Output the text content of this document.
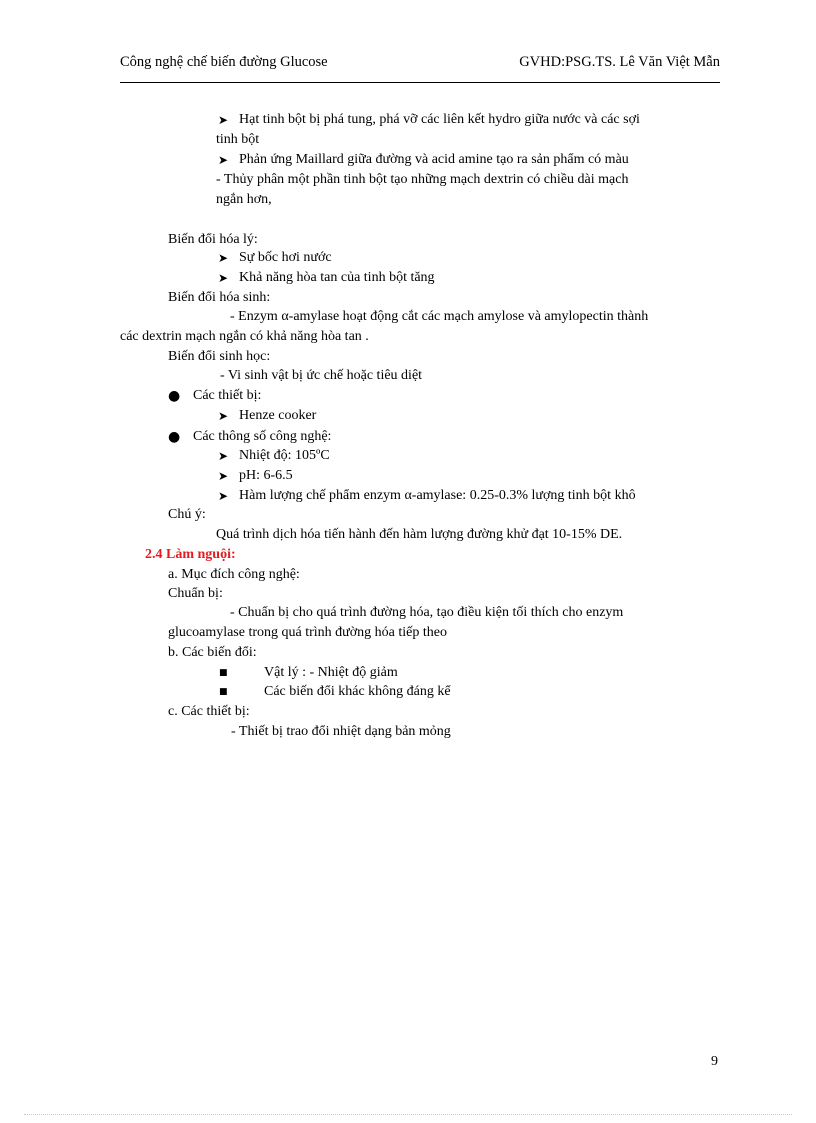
Công nghệ chế biến đường Glucose	GVHD:PSG.TS. Lê Văn Việt Mẫn
➤ Hạt tinh bột bị phá tung, phá vỡ các liên kết hydro giữa nước và các sợi
tinh bột
➤ Phản ứng Maillard giữa đường và acid amine tạo ra sản phẩm có màu
- Thủy phân một phần tinh bột tạo những mạch dextrin có chiều dài mạch
ngắn hơn,
Biến đổi hóa lý:
➤ Sự bốc hơi nước
➤ Khả năng hòa tan của tinh bột tăng
Biến đổi hóa sinh:
- Enzym α-amylase hoạt động cắt các mạch amylose và amylopectin thành
các dextrin mạch ngắn có khả năng hòa tan .
Biến đổi sinh học:
- Vi sinh vật bị ức chế hoặc tiêu diệt
● Các thiết bị:
➤ Henze cooker
● Các thông số công nghệ:
➤ Nhiệt độ: 105ºC
➤ pH: 6-6.5
➤ Hàm lượng chế phẩm enzym α-amylase: 0.25-0.3% lượng tinh bột khô
Chú ý:
Quá trình dịch hóa tiến hành đến hàm lượng đường khử đạt 10-15% DE.
2.4 Làm nguội:
a. Mục đích công nghệ:
Chuẩn bị:
- Chuẩn bị cho quá trình đường hóa, tạo điều kiện tối thích cho enzym
glucoamylase trong quá trình đường hóa tiếp theo
b. Các biến đổi:
■	Vật lý : - Nhiệt độ giảm
■	Các biến đổi khác không đáng kể
c. Các thiết bị:
- Thiết bị trao đổi nhiệt dạng bản mỏng
9
